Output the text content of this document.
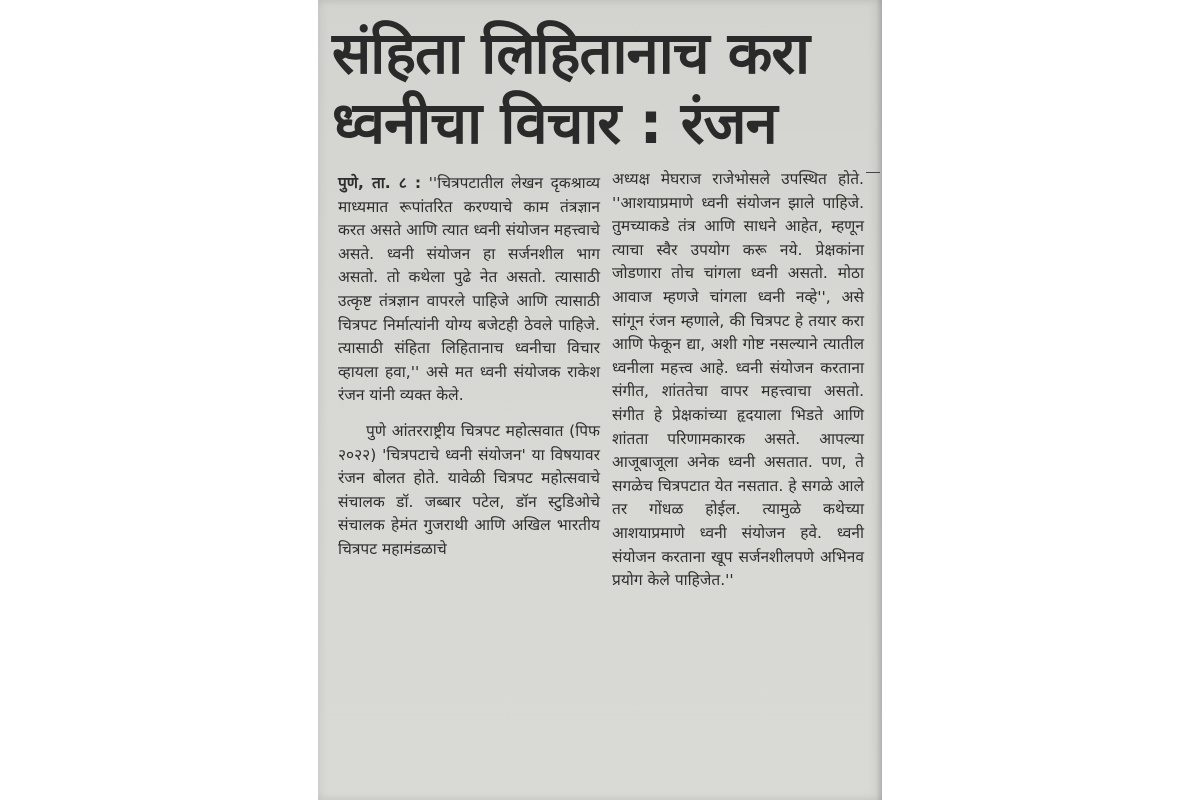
संहिता लिहितानाच करा
ध्वनीचा विचार : रंजन

पुणे, ता. ८ : ''चित्रपटातील लेखन दृकश्राव्य माध्यमात रूपांतरित करण्याचे काम तंत्रज्ञान करत असते आणि त्यात ध्वनी संयोजन महत्त्वाचे असते. ध्वनी संयोजन हा सर्जनशील भाग असतो. तो कथेला पुढे नेत असतो. त्यासाठी उत्कृष्ट तंत्रज्ञान वापरले पाहिजे आणि त्यासाठी चित्रपट निर्मात्यांनी योग्य बजेटही ठेवले पाहिजे. त्यासाठी संहिता लिहितानाच ध्वनीचा विचार व्हायला हवा,'' असे मत ध्वनी संयोजक राकेश रंजन यांनी व्यक्त केले.

पुणे आंतरराष्ट्रीय चित्रपट महोत्सवात (पिफ २०२२) 'चित्रपटाचे ध्वनी संयोजन' या विषयावर रंजन बोलत होते. यावेळी चित्रपट महोत्सवाचे संचालक डॉ. जब्बार पटेल, डॉन स्टुडिओचे संचालक हेमंत गुजराथी आणि अखिल भारतीय चित्रपट महामंडळाचे

अध्यक्ष मेघराज राजेभोसले उपस्थित होते. ''आशयाप्रमाणे ध्वनी संयोजन झाले पाहिजे. तुमच्याकडे तंत्र आणि साधने आहेत, म्हणून त्याचा स्वैर उपयोग करू नये. प्रेक्षकांना जोडणारा तोच चांगला ध्वनी असतो. मोठा आवाज म्हणजे चांगला ध्वनी नव्हे'', असे सांगून रंजन म्हणाले, की चित्रपट हे तयार करा आणि फेकून द्या, अशी गोष्ट नसल्याने त्यातील ध्वनीला महत्त्व आहे. ध्वनी संयोजन करताना संगीत, शांततेचा वापर महत्त्वाचा असतो. संगीत हे प्रेक्षकांच्या हृदयाला भिडते आणि शांतता परिणामकारक असते. आपल्या आजूबाजूला अनेक ध्वनी असतात. पण, ते सगळेच चित्रपटात येत नसतात. हे सगळे आले तर गोंधळ होईल. त्यामुळे कथेच्या आशयाप्रमाणे ध्वनी संयोजन हवे. ध्वनी संयोजन करताना खूप सर्जनशीलपणे अभिनव प्रयोग केले पाहिजेत.''
